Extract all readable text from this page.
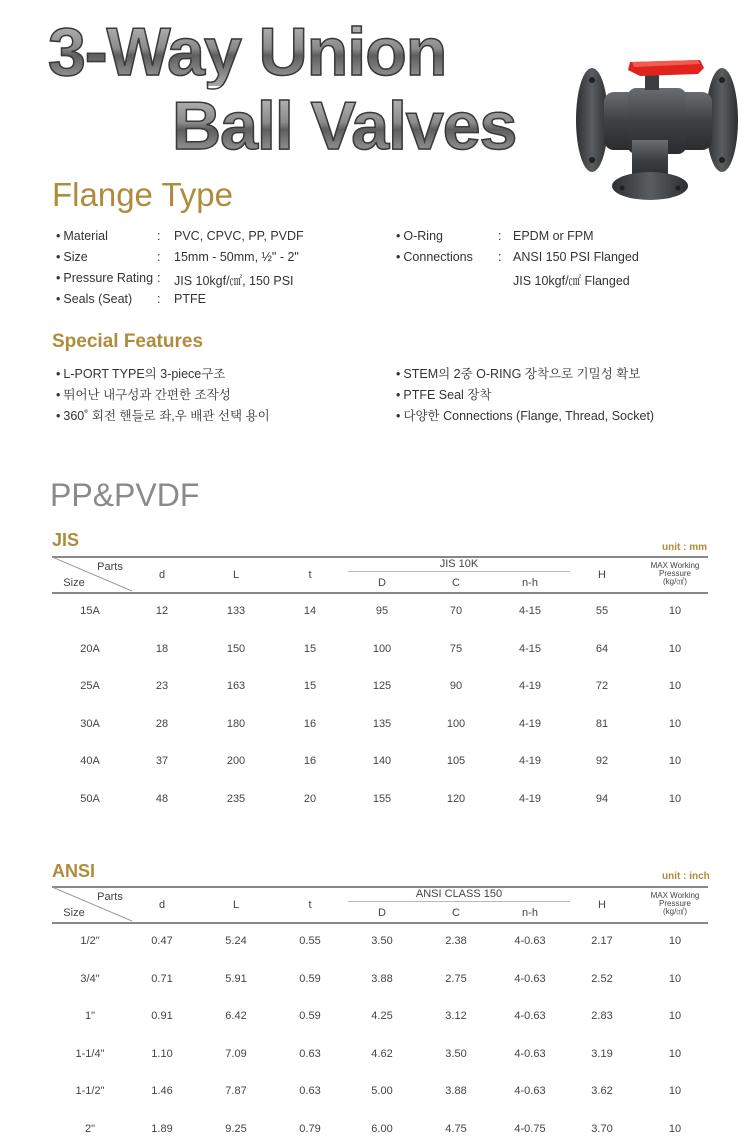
3-Way Union
Ball Valves
Flange Type
• Material	: PVC, CPVC, PP, PVDF
• Size	: 15mm - 50mm, ½" - 2"
• Pressure Rating : JIS 10kgf/㎠, 150 PSI
• Seals (Seat) : PTFE
• O-Ring	: EPDM or FPM
• Connections : ANSI 150 PSI Flanged
JIS 10kgf/㎠ Flanged
Special Features
• L-PORT TYPE의 3-piece구조
• 뛰어난 내구성과 간편한 조작성
• 360˚ 회전 핸들로 좌,우 배관 선택 용이
• STEM의 2중 O-RING 장착으로 기밀성 확보
• PTFE Seal 장착
• 다양한 Connections (Flange, Thread, Socket)
PP&PVDF
JIS	unit : mm
Parts
Size
d	L	t
JIS 10K
D	C	n-h
H
MAX Working
Pressure
(kg/㎠)
15A	12	133	14	95	70	4-15	55	10
20A	18	150	15	100	75	4-15	64	10
25A	23	163	15	125	90	4-19	72	10
30A	28	180	16	135	100	4-19	81	10
40A	37	200	16	140	105	4-19	92	10
50A	48	235	20	155	120	4-19	94	10
ANSI	unit : inch
Parts
Size
d	L	t
ANSI CLASS 150
D	C	n-h
H
MAX Working
Pressure
(kg/㎠)
1/2"	0.47	5.24	0.55	3.50	2.38	4-0.63	2.17	10
3/4"	0.71	5.91	0.59	3.88	2.75	4-0.63	2.52	10
1"	0.91	6.42	0.59	4.25	3.12	4-0.63	2.83	10
1-1/4"	1.10	7.09	0.63	4.62	3.50	4-0.63	3.19	10
1-1/2"	1.46	7.87	0.63	5.00	3.88	4-0.63	3.62	10
2"	1.89	9.25	0.79	6.00	4.75	4-0.75	3.70	10
